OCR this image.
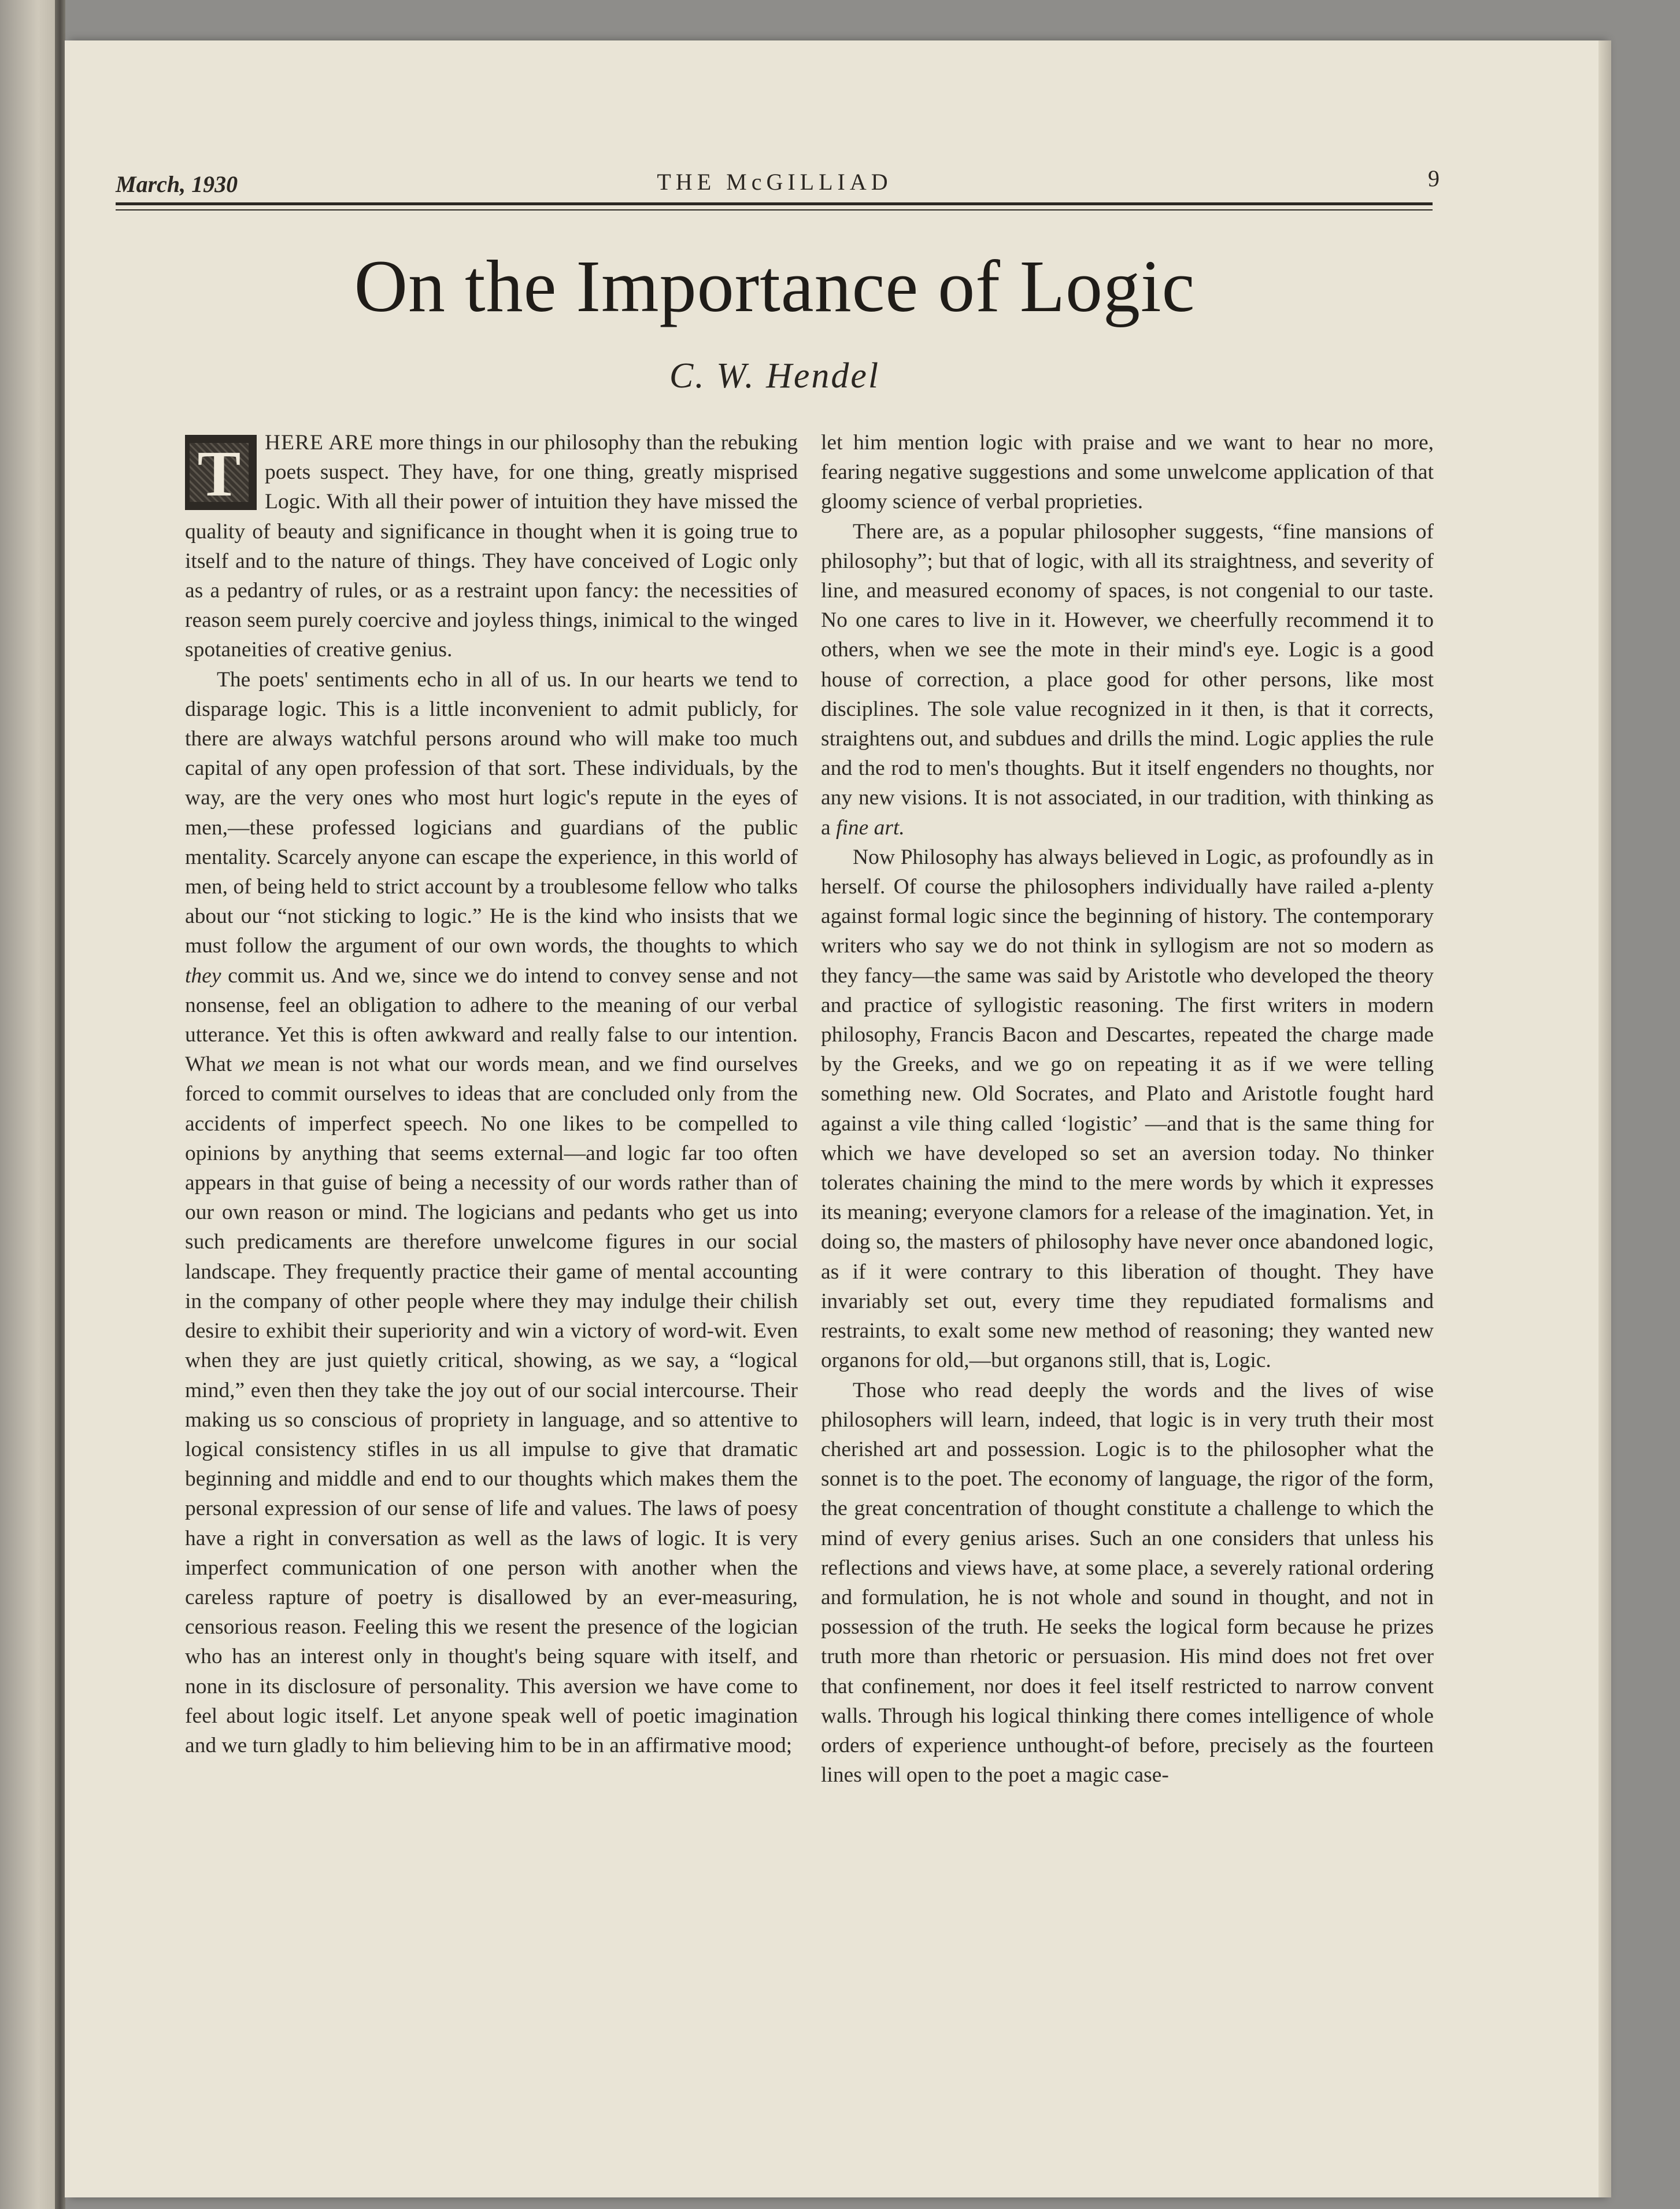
March, 1930	THE McGILLIAD	9
On the Importance of Logic
C. W. Hendel

T	HERE ARE more things in our philosophy than the rebuking poets suspect. They have, for one thing, greatly misprised Logic. With all their power of intuition they have missed the quality of beauty and significance in thought when it is going true to itself and to the nature of things. They have conceived of Logic only as a pedantry of rules, or as a restraint upon fancy: the necessities of reason seem purely coercive and joyless things, inimical to the winged spotaneities of creative genius.

The poets' sentiments echo in all of us. In our hearts we tend to disparage logic. This is a little inconvenient to admit publicly, for there are always watchful persons around who will make too much capital of any open profession of that sort. These individuals, by the way, are the very ones who most hurt logic's repute in the eyes of men,—these professed logicians and guardians of the public mentality. Scarcely anyone can escape the experience, in this world of men, of being held to strict account by a troublesome fellow who talks about our “not sticking to logic.” He is the kind who insists that we must follow the argument of our own words, the thoughts to which they commit us. And we, since we do intend to convey sense and not nonsense, feel an obligation to adhere to the meaning of our verbal utterance. Yet this is often awkward and really false to our intention. What we mean is not what our words mean, and we find ourselves forced to commit ourselves to ideas that are concluded only from the accidents of imperfect speech. No one likes to be compelled to opinions by anything that seems external—and logic far too often appears in that guise of being a necessity of our words rather than of our own reason or mind. The logicians and pedants who get us into such predicaments are therefore unwelcome figures in our social landscape. They frequently practice their game of mental accounting in the company of other people where they may indulge their chilish desire to exhibit their superiority and win a victory of word-wit. Even when they are just quietly critical, showing, as we say, a “logical mind,” even then they take the joy out of our social intercourse. Their making us so conscious of propriety in language, and so attentive to logical consistency stifles in us all impulse to give that dramatic beginning and middle and end to our thoughts which makes them the personal expression of our sense of life and values. The laws of poesy have a right in conversation as well as the laws of logic. It is very imperfect communication of one person with another when the careless rapture of poetry is disallowed by an ever-measuring, censorious reason. Feeling this we resent the presence of the logician who has an interest only in thought's being square with itself, and none in its disclosure of personality. This aversion we have come to feel about logic itself. Let anyone speak well of poetic imagination and we turn gladly to him believing him to be in an affirmative mood;

let him mention logic with praise and we want to hear no more, fearing negative suggestions and some unwelcome application of that gloomy science of verbal proprieties.

There are, as a popular philosopher suggests, “fine mansions of philosophy”; but that of logic, with all its straightness, and severity of line, and measured economy of spaces, is not congenial to our taste. No one cares to live in it. However, we cheerfully recommend it to others, when we see the mote in their mind's eye. Logic is a good house of correction, a place good for other persons, like most disciplines. The sole value recognized in it then, is that it corrects, straightens out, and subdues and drills the mind. Logic applies the rule and the rod to men's thoughts. But it itself engenders no thoughts, nor any new visions. It is not associated, in our tradition, with thinking as a fine art.

Now Philosophy has always believed in Logic, as profoundly as in herself. Of course the philosophers individually have railed a-plenty against formal logic since the beginning of history. The contemporary writers who say we do not think in syllogism are not so modern as they fancy—the same was said by Aristotle who developed the theory and practice of syllogistic reasoning. The first writers in modern philosophy, Francis Bacon and Descartes, repeated the charge made by the Greeks, and we go on repeating it as if we were telling something new. Old Socrates, and Plato and Aristotle fought hard against a vile thing called ‘logistic’ —and that is the same thing for which we have developed so set an aversion today. No thinker tolerates chaining the mind to the mere words by which it expresses its meaning; everyone clamors for a release of the imagination. Yet, in doing so, the masters of philosophy have never once abandoned logic, as if it were contrary to this liberation of thought. They have invariably set out, every time they repudiated formalisms and restraints, to exalt some new method of reasoning; they wanted new organons for old,—but organons still, that is, Logic.

Those who read deeply the words and the lives of wise philosophers will learn, indeed, that logic is in very truth their most cherished art and possession. Logic is to the philosopher what the sonnet is to the poet. The economy of language, the rigor of the form, the great concentration of thought constitute a challenge to which the mind of every genius arises. Such an one considers that unless his reflections and views have, at some place, a severely rational ordering and formulation, he is not whole and sound in thought, and not in possession of the truth. He seeks the logical form because he prizes truth more than rhetoric or persuasion. His mind does not fret over that confinement, nor does it feel itself restricted to narrow convent walls. Through his logical thinking there comes intelligence of whole orders of experience unthought-of before, precisely as the fourteen lines will open to the poet a magic case-
